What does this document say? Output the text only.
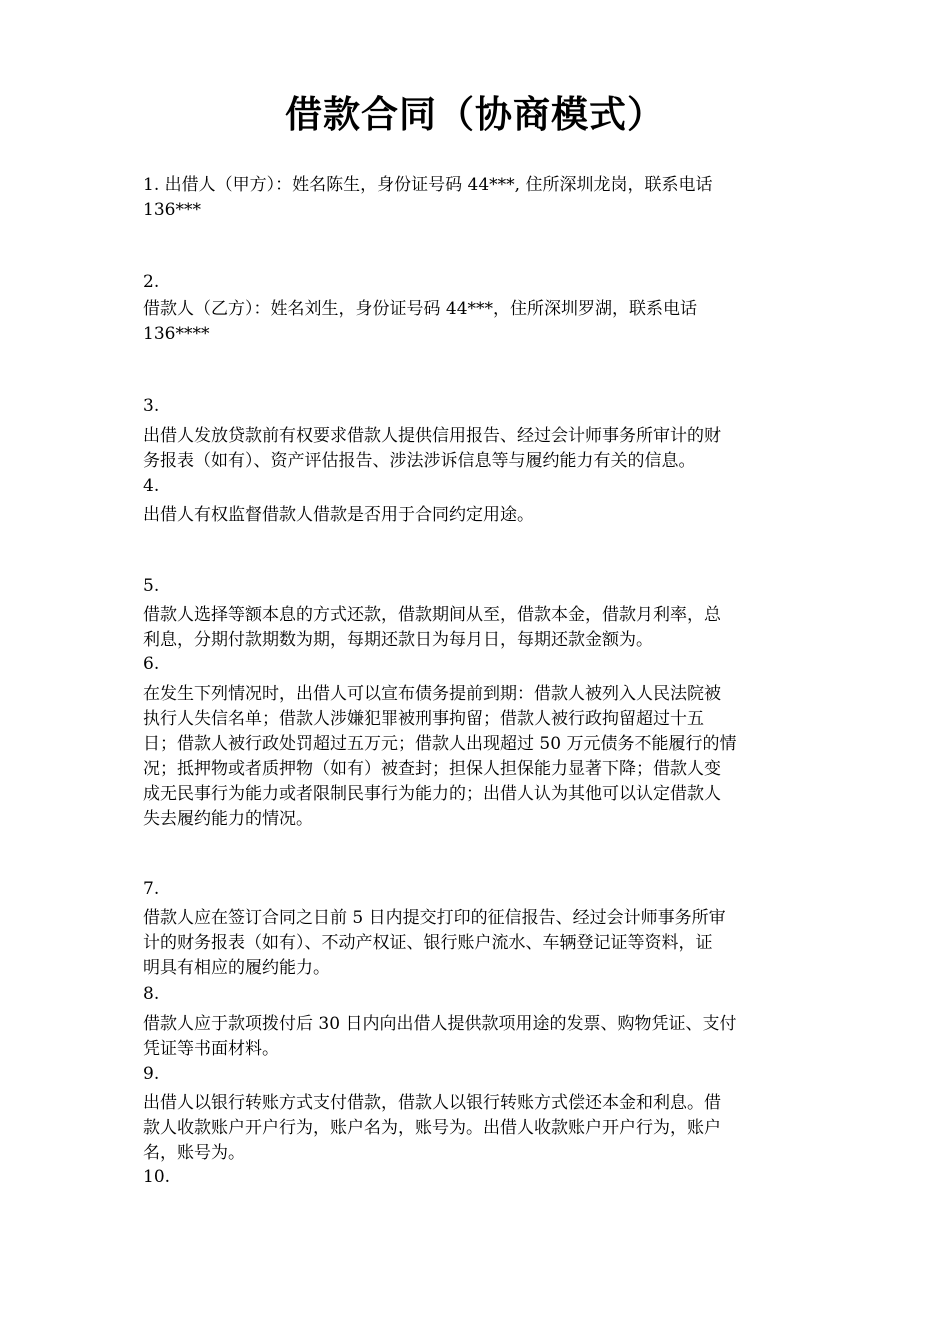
借款合同（协商模式）
1. 出借人（甲方）：姓名陈生，身份证号码 44***, 住所深圳龙岗，联系电话
136***
2.
借款人（乙方）：姓名刘生，身份证号码 44***，住所深圳罗湖，联系电话
136****
3.
出借人发放贷款前有权要求借款人提供信用报告、经过会计师事务所审计的财
务报表（如有）、资产评估报告、涉法涉诉信息等与履约能力有关的信息。
4.
出借人有权监督借款人借款是否用于合同约定用途。
5.
借款人选择等额本息的方式还款，借款期间从至，借款本金，借款月利率，总
利息，分期付款期数为期，每期还款日为每月日，每期还款金额为。
6.
在发生下列情况时，出借人可以宣布债务提前到期：借款人被列入人民法院被
执行人失信名单；借款人涉嫌犯罪被刑事拘留；借款人被行政拘留超过十五
日；借款人被行政处罚超过五万元；借款人出现超过 50 万元债务不能履行的情
况；抵押物或者质押物（如有）被查封；担保人担保能力显著下降；借款人变
成无民事行为能力或者限制民事行为能力的；出借人认为其他可以认定借款人
失去履约能力的情况。
7.
借款人应在签订合同之日前 5 日内提交打印的征信报告、经过会计师事务所审
计的财务报表（如有）、不动产权证、银行账户流水、车辆登记证等资料，证
明具有相应的履约能力。
8.
借款人应于款项拨付后 30 日内向出借人提供款项用途的发票、购物凭证、支付
凭证等书面材料。
9.
出借人以银行转账方式支付借款，借款人以银行转账方式偿还本金和利息。借
款人收款账户开户行为，账户名为，账号为。出借人收款账户开户行为，账户
名，账号为。
10.
